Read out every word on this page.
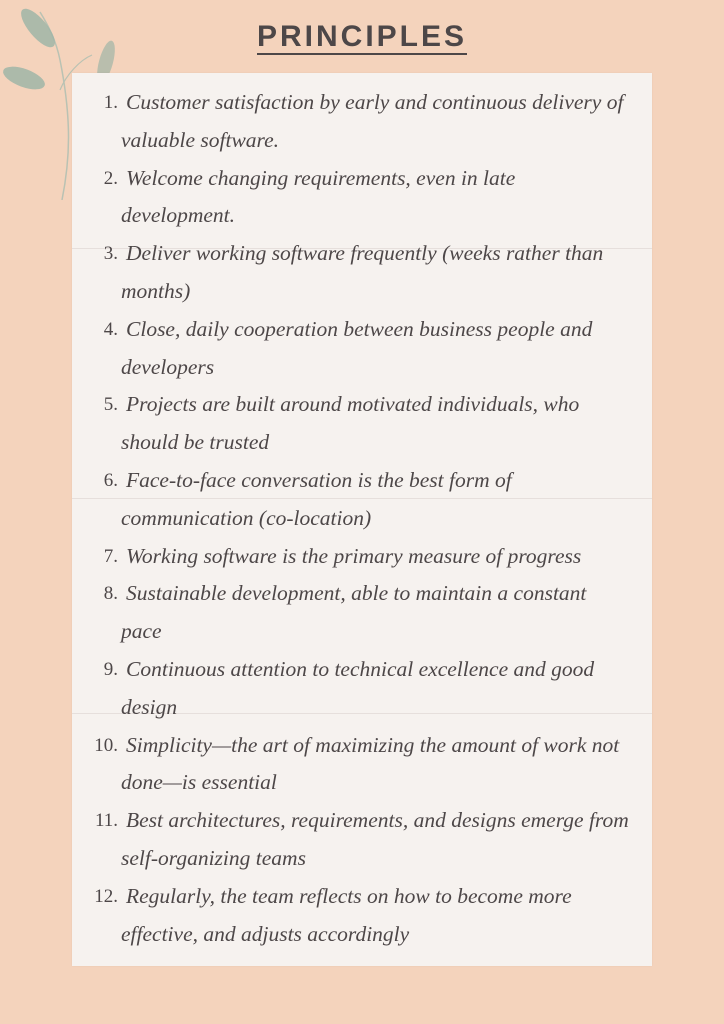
PRINCIPLES
1. Customer satisfaction by early and continuous delivery of valuable software.
2. Welcome changing requirements, even in late development.
3. Deliver working software frequently (weeks rather than months)
4. Close, daily cooperation between business people and developers
5. Projects are built around motivated individuals, who should be trusted
6. Face-to-face conversation is the best form of communication (co-location)
7. Working software is the primary measure of progress
8. Sustainable development, able to maintain a constant pace
9. Continuous attention to technical excellence and good design
10. Simplicity—the art of maximizing the amount of work not done—is essential
11. Best architectures, requirements, and designs emerge from self-organizing teams
12. Regularly, the team reflects on how to become more effective, and adjusts accordingly
